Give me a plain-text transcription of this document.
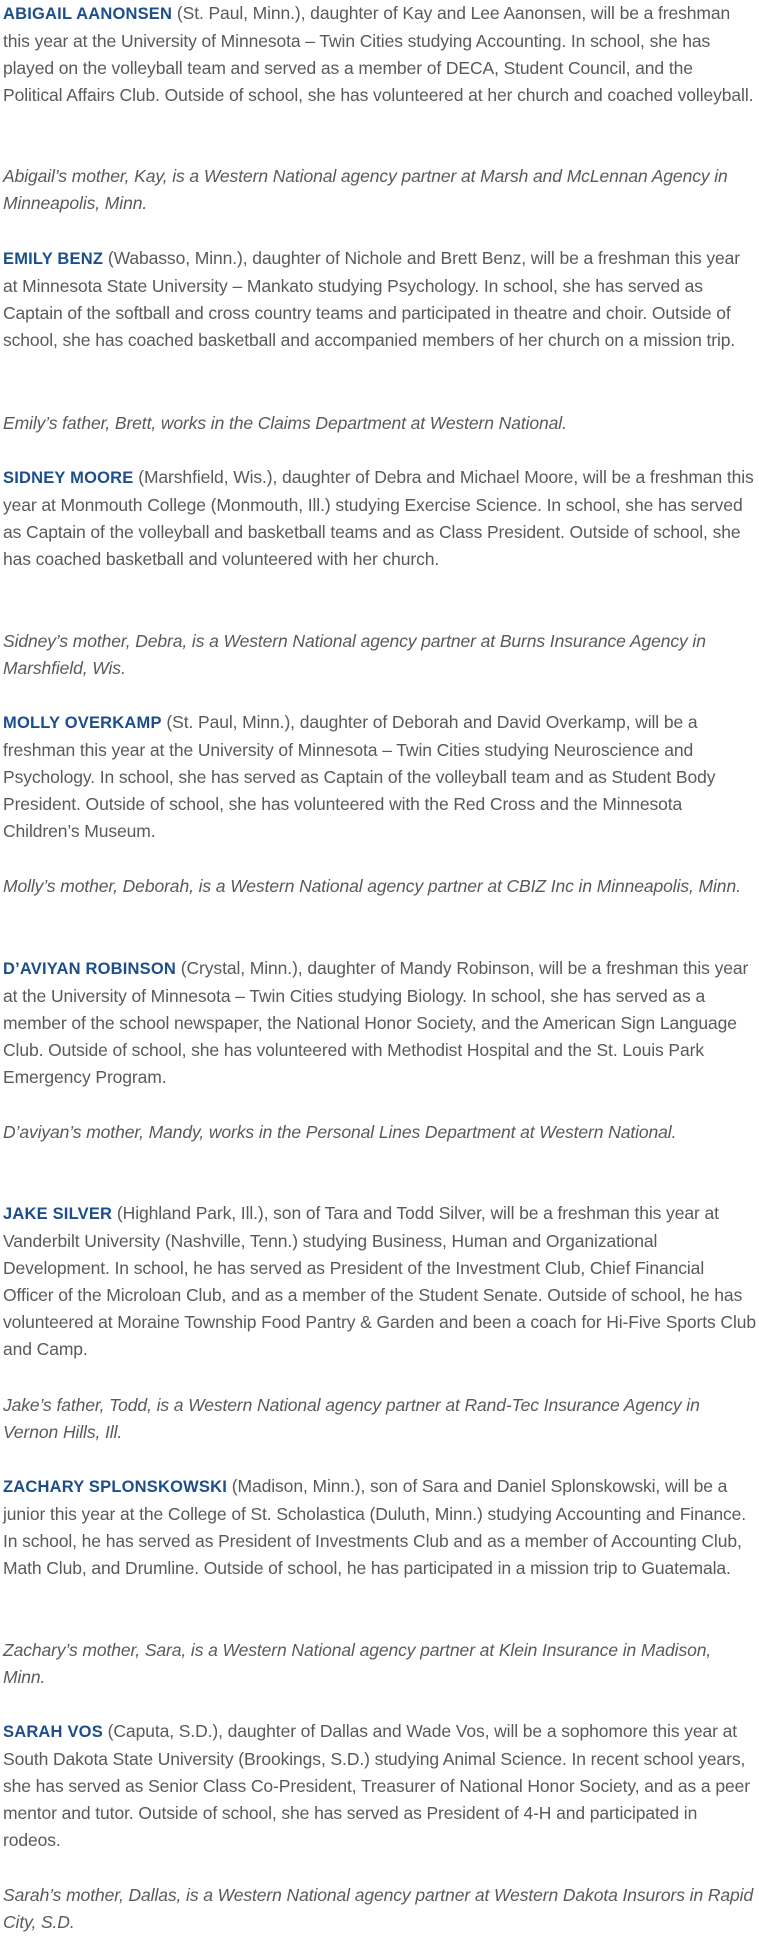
ABIGAIL AANONSEN (St. Paul, Minn.), daughter of Kay and Lee Aanonsen, will be a freshman this year at the University of Minnesota – Twin Cities studying Accounting. In school, she has played on the volleyball team and served as a member of DECA, Student Council, and the Political Affairs Club. Outside of school, she has volunteered at her church and coached volleyball.

Abigail’s mother, Kay, is a Western National agency partner at Marsh and McLennan Agency in Minneapolis, Minn.

EMILY BENZ (Wabasso, Minn.), daughter of Nichole and Brett Benz, will be a freshman this year at Minnesota State University – Mankato studying Psychology. In school, she has served as Captain of the softball and cross country teams and participated in theatre and choir. Outside of school, she has coached basketball and accompanied members of her church on a mission trip.

Emily’s father, Brett, works in the Claims Department at Western National.

SIDNEY MOORE (Marshfield, Wis.), daughter of Debra and Michael Moore, will be a freshman this year at Monmouth College (Monmouth, Ill.) studying Exercise Science. In school, she has served as Captain of the volleyball and basketball teams and as Class President. Outside of school, she has coached basketball and volunteered with her church.

Sidney’s mother, Debra, is a Western National agency partner at Burns Insurance Agency in Marshfield, Wis.

MOLLY OVERKAMP (St. Paul, Minn.), daughter of Deborah and David Overkamp, will be a freshman this year at the University of Minnesota – Twin Cities studying Neuroscience and Psychology. In school, she has served as Captain of the volleyball team and as Student Body President. Outside of school, she has volunteered with the Red Cross and the Minnesota Children’s Museum.

Molly’s mother, Deborah, is a Western National agency partner at CBIZ Inc in Minneapolis, Minn.

D’AVIYAN ROBINSON (Crystal, Minn.), daughter of Mandy Robinson, will be a freshman this year at the University of Minnesota – Twin Cities studying Biology. In school, she has served as a member of the school newspaper, the National Honor Society, and the American Sign Language Club. Outside of school, she has volunteered with Methodist Hospital and the St. Louis Park Emergency Program.

D’aviyan’s mother, Mandy, works in the Personal Lines Department at Western National.

JAKE SILVER (Highland Park, Ill.), son of Tara and Todd Silver, will be a freshman this year at Vanderbilt University (Nashville, Tenn.) studying Business, Human and Organizational Development. In school, he has served as President of the Investment Club, Chief Financial Officer of the Microloan Club, and as a member of the Student Senate. Outside of school, he has volunteered at Moraine Township Food Pantry & Garden and been a coach for Hi-Five Sports Club and Camp.

Jake’s father, Todd, is a Western National agency partner at Rand-Tec Insurance Agency in Vernon Hills, Ill.

ZACHARY SPLONSKOWSKI (Madison, Minn.), son of Sara and Daniel Splonskowski, will be a junior this year at the College of St. Scholastica (Duluth, Minn.) studying Accounting and Finance. In school, he has served as President of Investments Club and as a member of Accounting Club, Math Club, and Drumline. Outside of school, he has participated in a mission trip to Guatemala.

Zachary’s mother, Sara, is a Western National agency partner at Klein Insurance in Madison, Minn.

SARAH VOS (Caputa, S.D.), daughter of Dallas and Wade Vos, will be a sophomore this year at South Dakota State University (Brookings, S.D.) studying Animal Science. In recent school years, she has served as Senior Class Co-President, Treasurer of National Honor Society, and as a peer mentor and tutor. Outside of school, she has served as President of 4-H and participated in rodeos.

Sarah’s mother, Dallas, is a Western National agency partner at Western Dakota Insurors in Rapid City, S.D.
